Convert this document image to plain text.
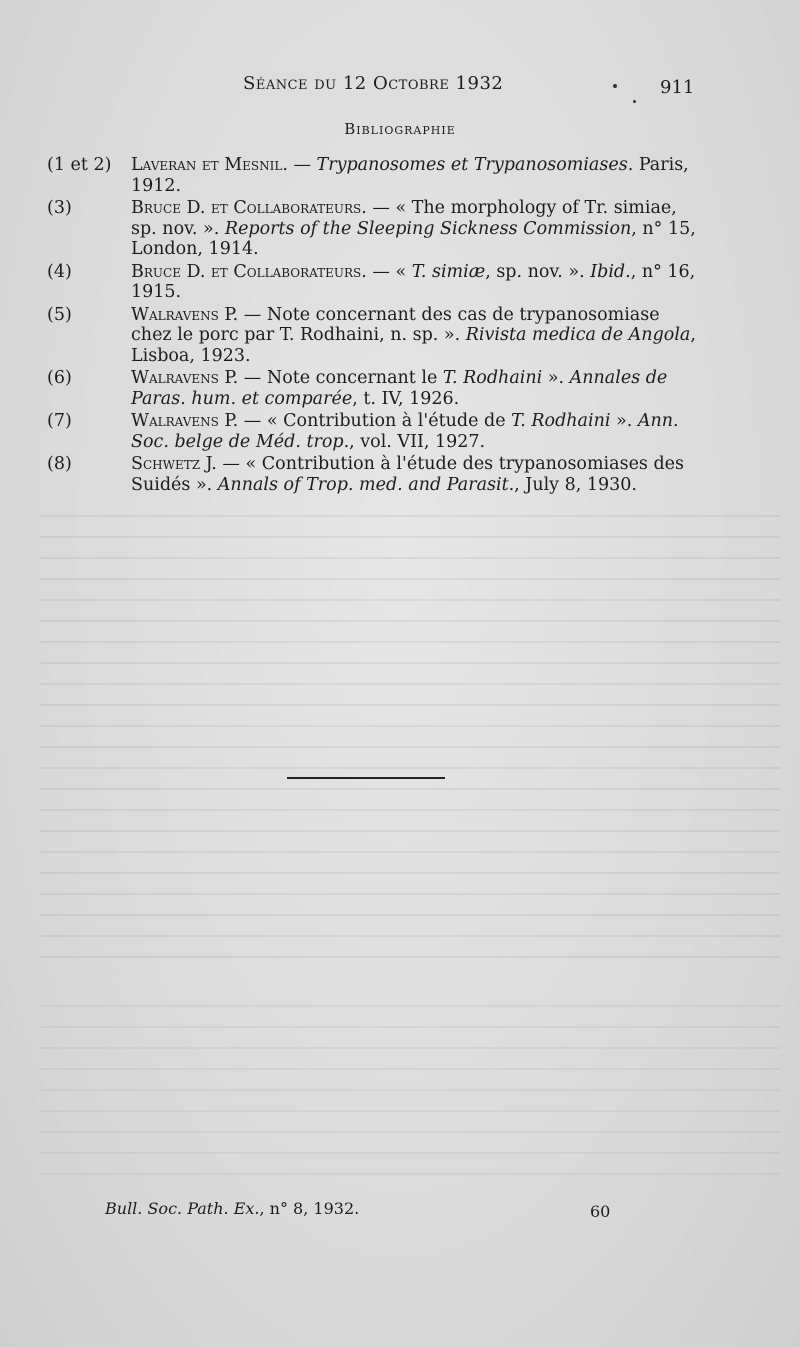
Séance du 12 Octobre 1932	911
Bibliographie
(1 et 2) Laveran et Mesnil. — Trypanosomes et Trypanosomiases. Paris, 1912.
(3)	Bruce D. et Collaborateurs. — « The morphology of Tr. simiae, sp. nov. ». Reports of the Sleeping Sickness Commission, n° 15, London, 1914.
(4)	Bruce D. et Collaborateurs. — « T. simiæ, sp. nov. ». Ibid., n° 16, 1915.
(5)	Walravens P. — Note concernant des cas de trypanosomiase chez le porc par T. Rodhaini, n. sp. ». Rivista medica de Angola, Lisboa, 1923.
(6)	Walravens P. — Note concernant le T. Rodhaini ». Annales de Paras. hum. et comparée, t. IV, 1926.
(7)	Walravens P. — « Contribution à l'étude de T. Rodhaini ». Ann. Soc. belge de Méd. trop., vol. VII, 1927.
(8)	Schwetz J. — « Contribution à l'étude des trypanosomiases des Suidés ». Annals of Trop. med. and Parasit., July 8, 1930.
Bull. Soc. Path. Ex., n° 8, 1932.	60
